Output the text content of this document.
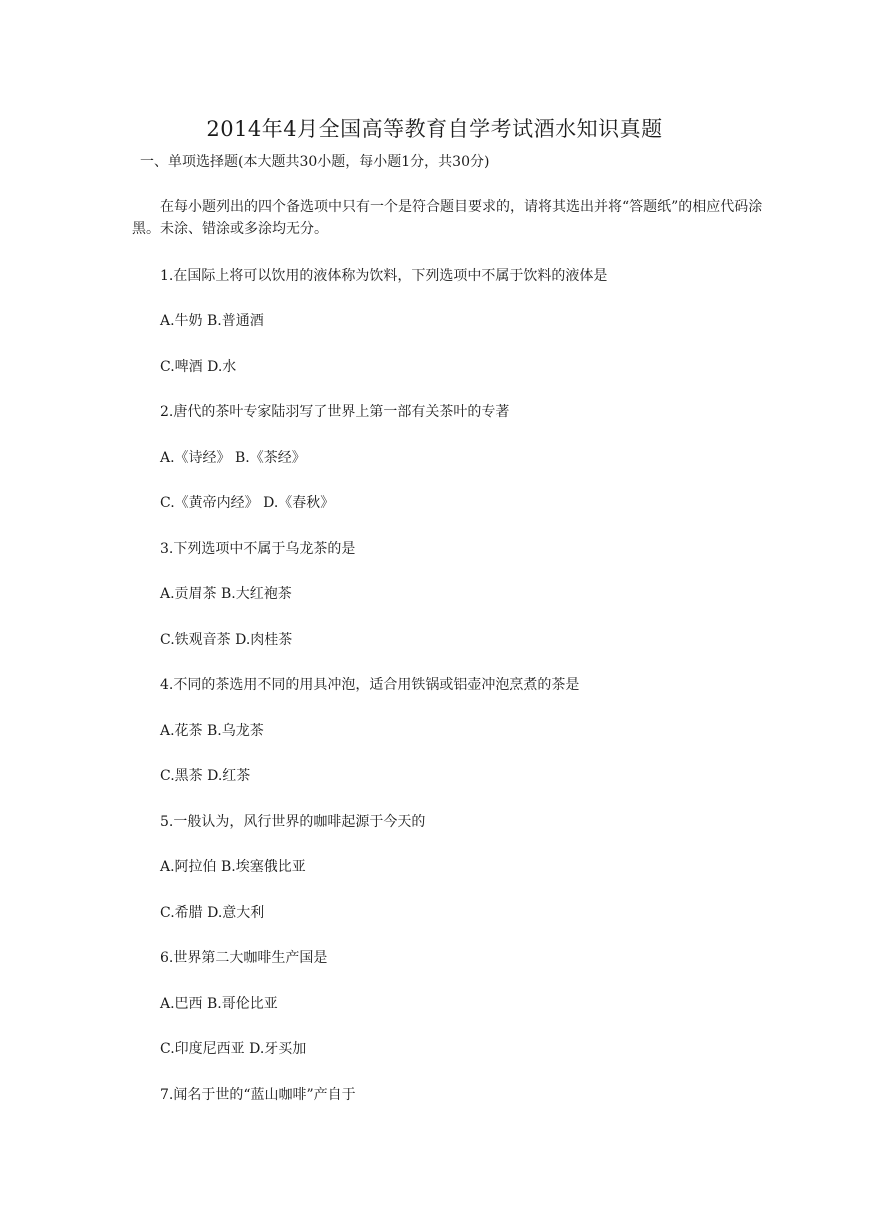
2014年4月全国高等教育自学考试酒水知识真题
一、单项选择题(本大题共30小题，每小题1分，共30分)
在每小题列出的四个备选项中只有一个是符合题目要求的，请将其选出并将“答题纸”的相应代码涂黑。未涂、错涂或多涂均无分。
1.在国际上将可以饮用的液体称为饮料，下列选项中不属于饮料的液体是
A.牛奶 B.普通酒
C.啤酒 D.水
2.唐代的茶叶专家陆羽写了世界上第一部有关茶叶的专著
A.《诗经》 B.《茶经》
C.《黄帝内经》 D.《春秋》
3.下列选项中不属于乌龙茶的是
A.贡眉茶 B.大红袍茶
C.铁观音茶 D.肉桂茶
4.不同的茶选用不同的用具冲泡，适合用铁锅或铝壶冲泡烹煮的茶是
A.花茶 B.乌龙茶
C.黑茶 D.红茶
5.一般认为，风行世界的咖啡起源于今天的
A.阿拉伯 B.埃塞俄比亚
C.希腊 D.意大利
6.世界第二大咖啡生产国是
A.巴西 B.哥伦比亚
C.印度尼西亚 D.牙买加
7.闻名于世的“蓝山咖啡”产自于
